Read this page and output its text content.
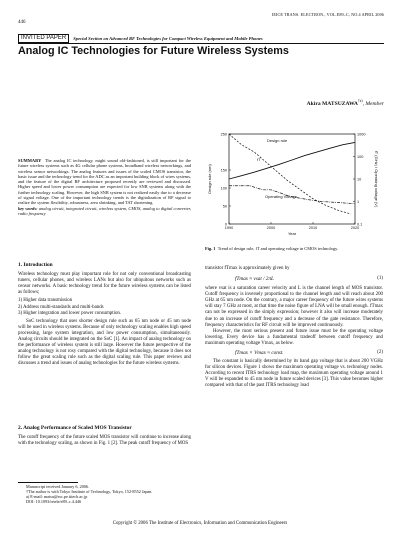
IEICE TRANS. ELECTRON., VOL.E89–C, NO.4 APRIL 2006
446
INVITED PAPER	Special Section on Advanced RF Technologies for Compact Wireless Equipment and Mobile Phones
Analog IC Technologies for Future Wireless Systems
Akira MATSUZAWA$^{\dagger a)}$, Member
SUMMARY The analog IC technology, might sound old-fashioned, is still important for the future wireless systems such as 4G cellular phone systems, broadband wireless networkings, and wireless sensor networkings. The analog features and issues of the scaled CMOS transistor, the basic issue and the technology trend for the ADC as an important building block of wires systems, and the feature of the digital RF architecture proposed recently are reviewed and discussed. Higher speed and lower power consumption are expected for low SNR systems along with the further technology scaling. However, the high SNR system is not realized easily due to a decrease of signal voltage. One of the important technology trends is the digitalization of RF signal to realize the system flexibility, robustness, area shrinking, and TAT shortening.
key words: analog circuit, integrated circuit, wireless system, CMOS, analog to digital converter, radio frequency
1. Introduction
Wireless technology must play important role for not only conventional broadcasting tuners, cellular phones, and wireless LANs but also for ubiquitous networks such as censor networks. A basic technology trend for the future wireless systems can be listed as follows;
1) Higher data transmission
2) Address multi-standards and multi-bands
3) Higher integration and lower power consumption.
SoC technology that uses shorter design rule such as 65 nm node or 45 nm node will be used in wireless systems. Because of only technology scaling enables high speed processing, large system integration, and low power consumption, simultaneously. Analog circuits should be integrated on the SoC [1]. An impact of analog technology on the performance of wireless system is still large. However the future perspective of the analog technology is not rosy compared with the digital technology, because it does not follow the great scaling rule such as the digital scaling rule. This paper reviews and discusses a trend and issues of analog technologies for the future wireless systems.
2. Analog Performance of Scaled MOS Transistor
The cutoff frequency of the future scaled MOS transistor will continue to increase along with the technology scaling, as shown in Fig. 1 [2]. The peak cutoff frequency of MOS
Manuscript received January 6, 2006.
†The author is with Tokyo Institute of Technology, Tokyo, 152-8552 Japan.
a) E-mail: matsu@ssc.pe.titech.ac.jp
DOI: 10.1093/ietele/e89–c.4.446
1990	2000	2010	2020
Year
250
150
100
50
0
Design rule (nm)
1000
100
10
1
0.1
fT (GHz) / Operating voltage (V)
Design rule
fT
Operating Voltage
Fig. 1 Trend of design rule, fT and operating voltage in CMOS technology.
transistor fTmax is approximately given by
fTmax ≈ vsat / 2πL	(1)
where vsat is a saturation career velocity and L is the channel length of MOS transistor. Cutoff frequency is inversely proportional to the channel length and will reach about 200 GHz at 65 nm node. On the contrary, a major career frequency of the future wires systems will stay 7 GHz at most, at that time the noise figure of LNA will be small enough. fTmax can not be expressed in the simply expression; however it also will increase moderately due to an increase of cutoff frequency and a decrease of the gate resistance. Therefore, frequency characteristics for RF circuit will be improved continuously.
However, the most serious present and future issue must be the operating voltage lowering. Every device has a fundamental tradeoff between cutoff frequency and maximum operating voltage Vmax, as below.
fTmax × Vmax ≈ const.	(2)
The constant is basically determined by its band gap voltage that is about 200 VGHz for silicon devices. Figure 1 shows the maximum operating voltage vs. technology nodes. According to recent ITRS technology load map, the maximum operating voltage around 1 V will be expanded to 45 nm node in future scaled devices [3]. This value becomes higher compared with that of the past ITRS technology load
Copyright © 2006 The Institute of Electronics, Information and Communication Engineers
